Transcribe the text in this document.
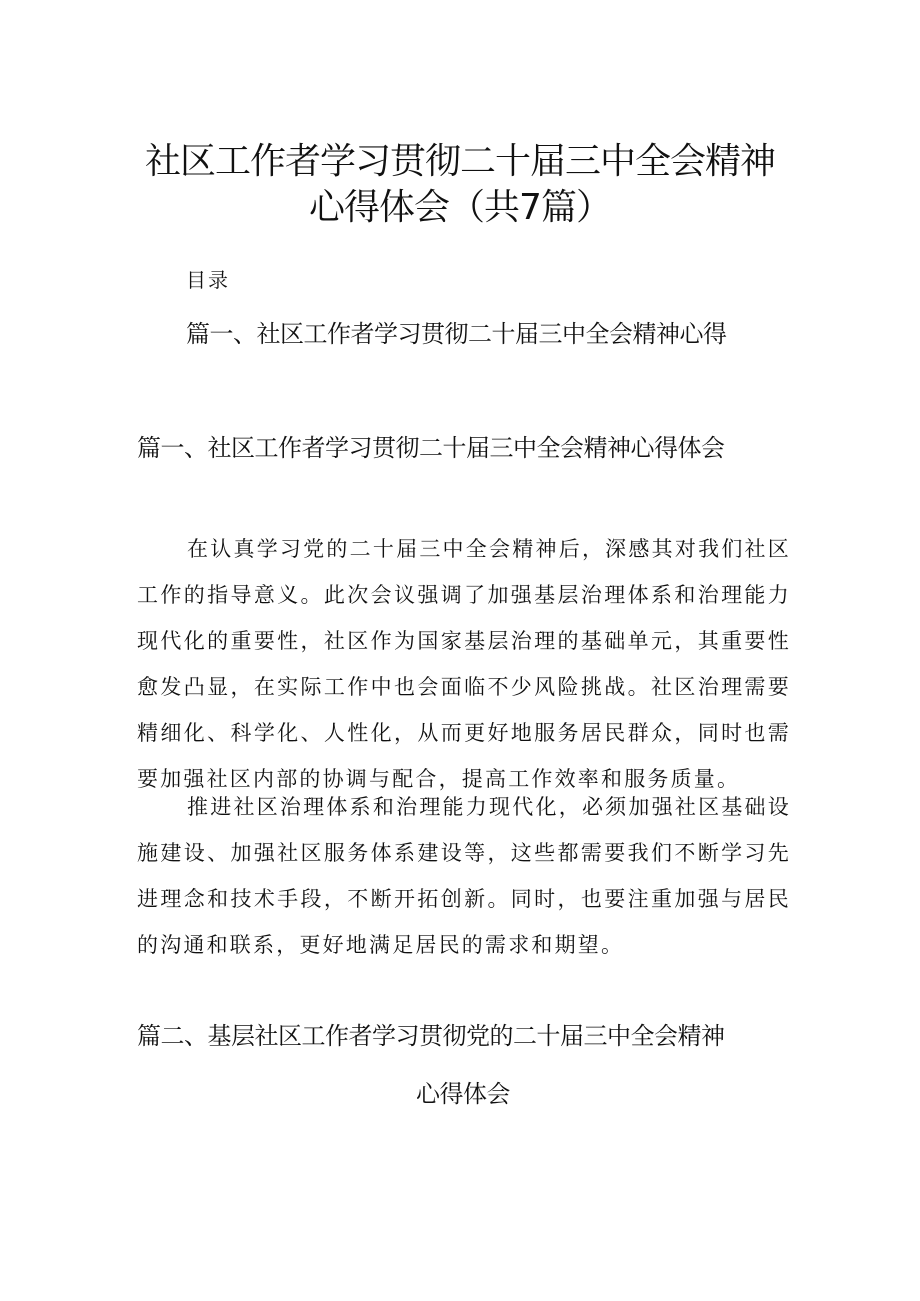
社区工作者学习贯彻二十届三中全会精神
心得体会（共7篇）
目录
篇一、社区工作者学习贯彻二十届三中全会精神心得
篇一、社区工作者学习贯彻二十届三中全会精神心得体会

在认真学习党的二十届三中全会精神后，深感其对我们社区工作的指导意义。此次会议强调了加强基层治理体系和治理能力现代化的重要性，社区作为国家基层治理的基础单元，其重要性愈发凸显，在实际工作中也会面临不少风险挑战。社区治理需要精细化、科学化、人性化，从而更好地服务居民群众，同时也需要加强社区内部的协调与配合，提高工作效率和服务质量。

推进社区治理体系和治理能力现代化，必须加强社区基础设施建设、加强社区服务体系建设等，这些都需要我们不断学习先进理念和技术手段，不断开拓创新。同时，也要注重加强与居民的沟通和联系，更好地满足居民的需求和期望。

篇二、基层社区工作者学习贯彻党的二十届三中全会精神
心得体会
